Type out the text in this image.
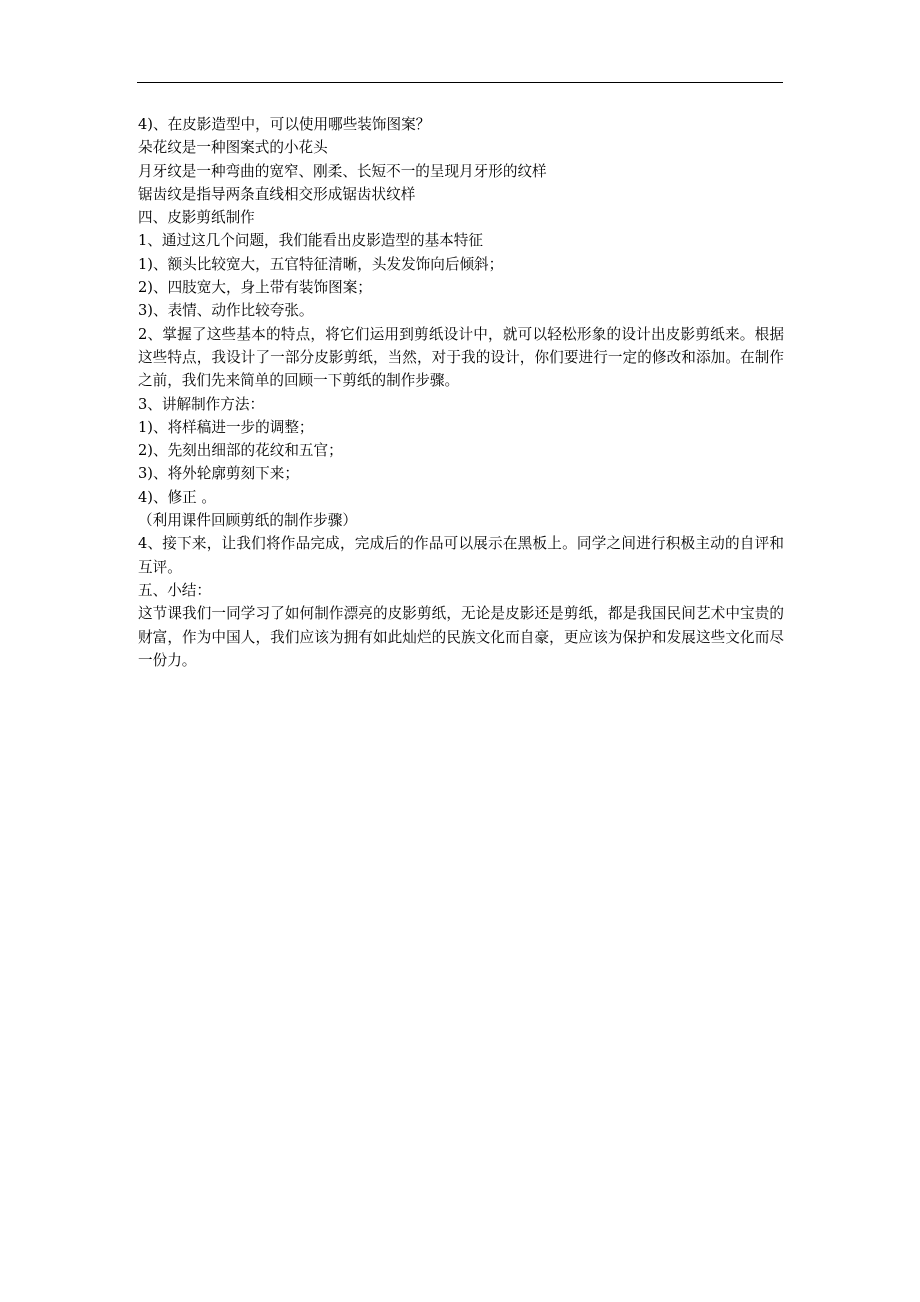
4)、在皮影造型中，可以使用哪些装饰图案？

朵花纹是一种图案式的小花头

月牙纹是一种弯曲的宽窄、刚柔、长短不一的呈现月牙形的纹样

锯齿纹是指导两条直线相交形成锯齿状纹样

四、皮影剪纸制作

1、通过这几个问题，我们能看出皮影造型的基本特征

1)、额头比较宽大，五官特征清晰，头发发饰向后倾斜；

2)、四肢宽大，身上带有装饰图案；

3)、表情、动作比较夸张。

2、掌握了这些基本的特点，将它们运用到剪纸设计中，就可以轻松形象的设计出皮影剪纸来。根据这些特点，我设计了一部分皮影剪纸，当然，对于我的设计，你们要进行一定的修改和添加。在制作之前，我们先来简单的回顾一下剪纸的制作步骤。

3、讲解制作方法：

1)、将样稿进一步的调整；

2)、先刻出细部的花纹和五官；

3)、将外轮廓剪刻下来；

4)、修正 。

（利用课件回顾剪纸的制作步骤）

4、接下来，让我们将作品完成，完成后的作品可以展示在黑板上。同学之间进行积极主动的自评和互评。

五、小结：

这节课我们一同学习了如何制作漂亮的皮影剪纸，无论是皮影还是剪纸，都是我国民间艺术中宝贵的财富，作为中国人，我们应该为拥有如此灿烂的民族文化而自豪，更应该为保护和发展这些文化而尽一份力。
